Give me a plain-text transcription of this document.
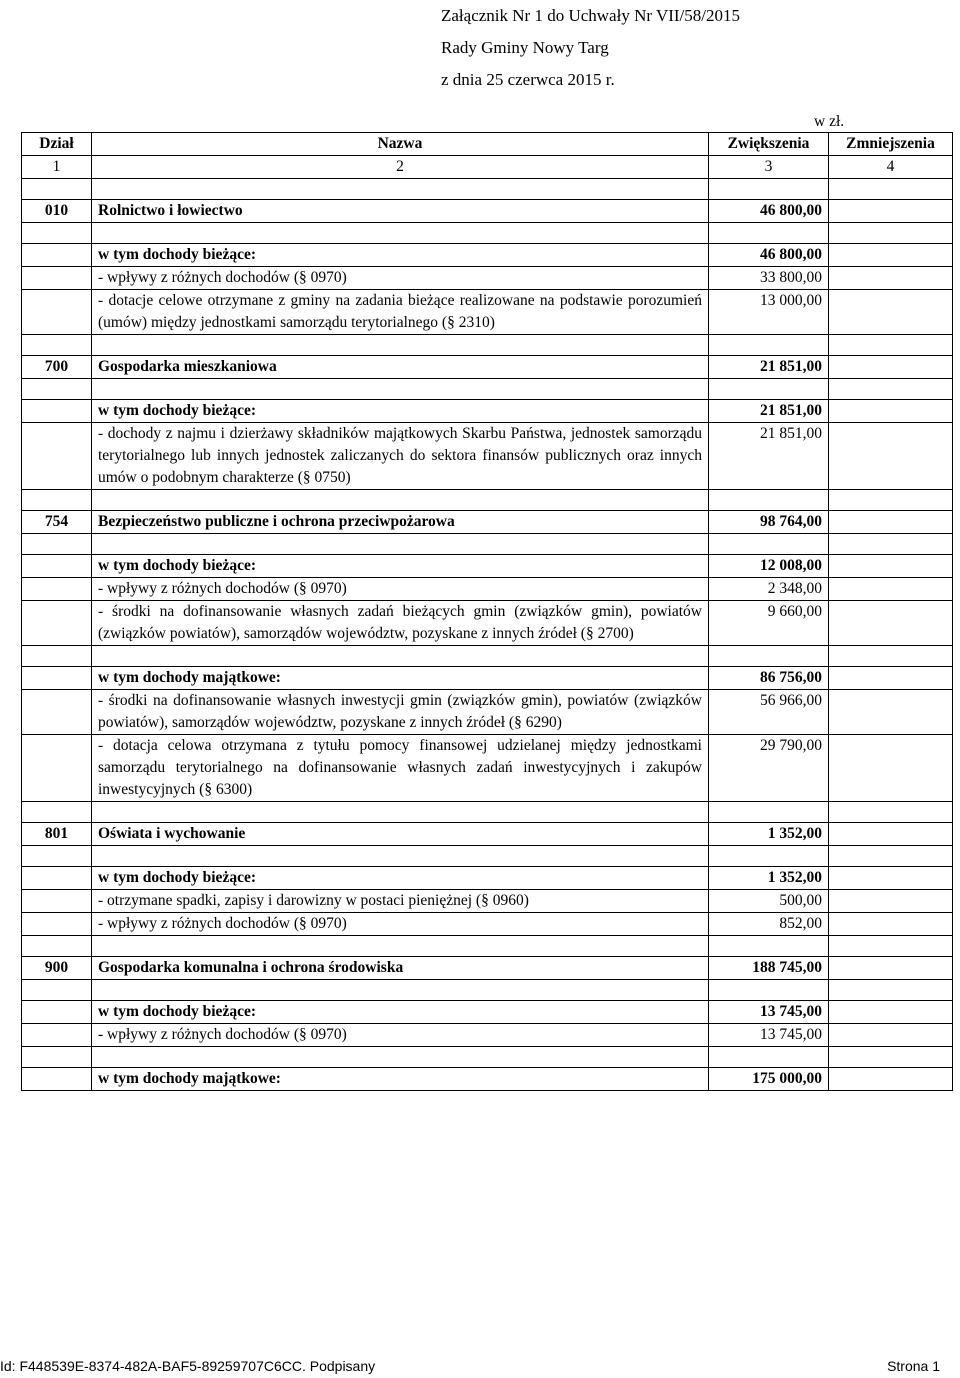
Załącznik Nr 1 do Uchwały Nr VII/58/2015
Rady Gminy Nowy Targ
z dnia 25 czerwca 2015 r.
w zł.
Dział	Nazwa	Zwiększenia	Zmniejszenia
1	2	3	4

010	Rolnictwo i łowiectwo	46 800,00	

	w tym dochody bieżące:	46 800,00	
	- wpływy z różnych dochodów (§ 0970)	33 800,00	
	- dotacje celowe otrzymane z gminy na zadania bieżące realizowane na podstawie porozumień (umów) między jednostkami samorządu terytorialnego (§ 2310)	13 000,00	

700	Gospodarka mieszkaniowa	21 851,00	

	w tym dochody bieżące:	21 851,00	
	- dochody z najmu i dzierżawy składników majątkowych Skarbu Państwa, jednostek samorządu terytorialnego lub innych jednostek zaliczanych do sektora finansów publicznych oraz innych umów o podobnym charakterze (§ 0750)	21 851,00	

754	Bezpieczeństwo publiczne i ochrona przeciwpożarowa	98 764,00	

	w tym dochody bieżące:	12 008,00	
	- wpływy z różnych dochodów (§ 0970)	2 348,00	
	- środki na dofinansowanie własnych zadań bieżących gmin (związków gmin), powiatów (związków powiatów), samorządów województw, pozyskane z innych źródeł (§ 2700)	9 660,00	

	w tym dochody majątkowe:	86 756,00	
	- środki na dofinansowanie własnych inwestycji gmin (związków gmin), powiatów (związków powiatów), samorządów województw, pozyskane z innych źródeł (§ 6290)	56 966,00	
	- dotacja celowa otrzymana z tytułu pomocy finansowej udzielanej między jednostkami samorządu terytorialnego na dofinansowanie własnych zadań inwestycyjnych i zakupów inwestycyjnych (§ 6300)	29 790,00	

801	Oświata i wychowanie	1 352,00	

	w tym dochody bieżące:	1 352,00	
	- otrzymane spadki, zapisy i darowizny w postaci pieniężnej (§ 0960)	500,00	
	- wpływy z różnych dochodów (§ 0970)	852,00	

900	Gospodarka komunalna i ochrona środowiska	188 745,00	

	w tym dochody bieżące:	13 745,00	
	- wpływy z różnych dochodów (§ 0970)	13 745,00	

	w tym dochody majątkowe:	175 000,00	
Id: F448539E-8374-482A-BAF5-89259707C6CC. Podpisany	Strona 1
